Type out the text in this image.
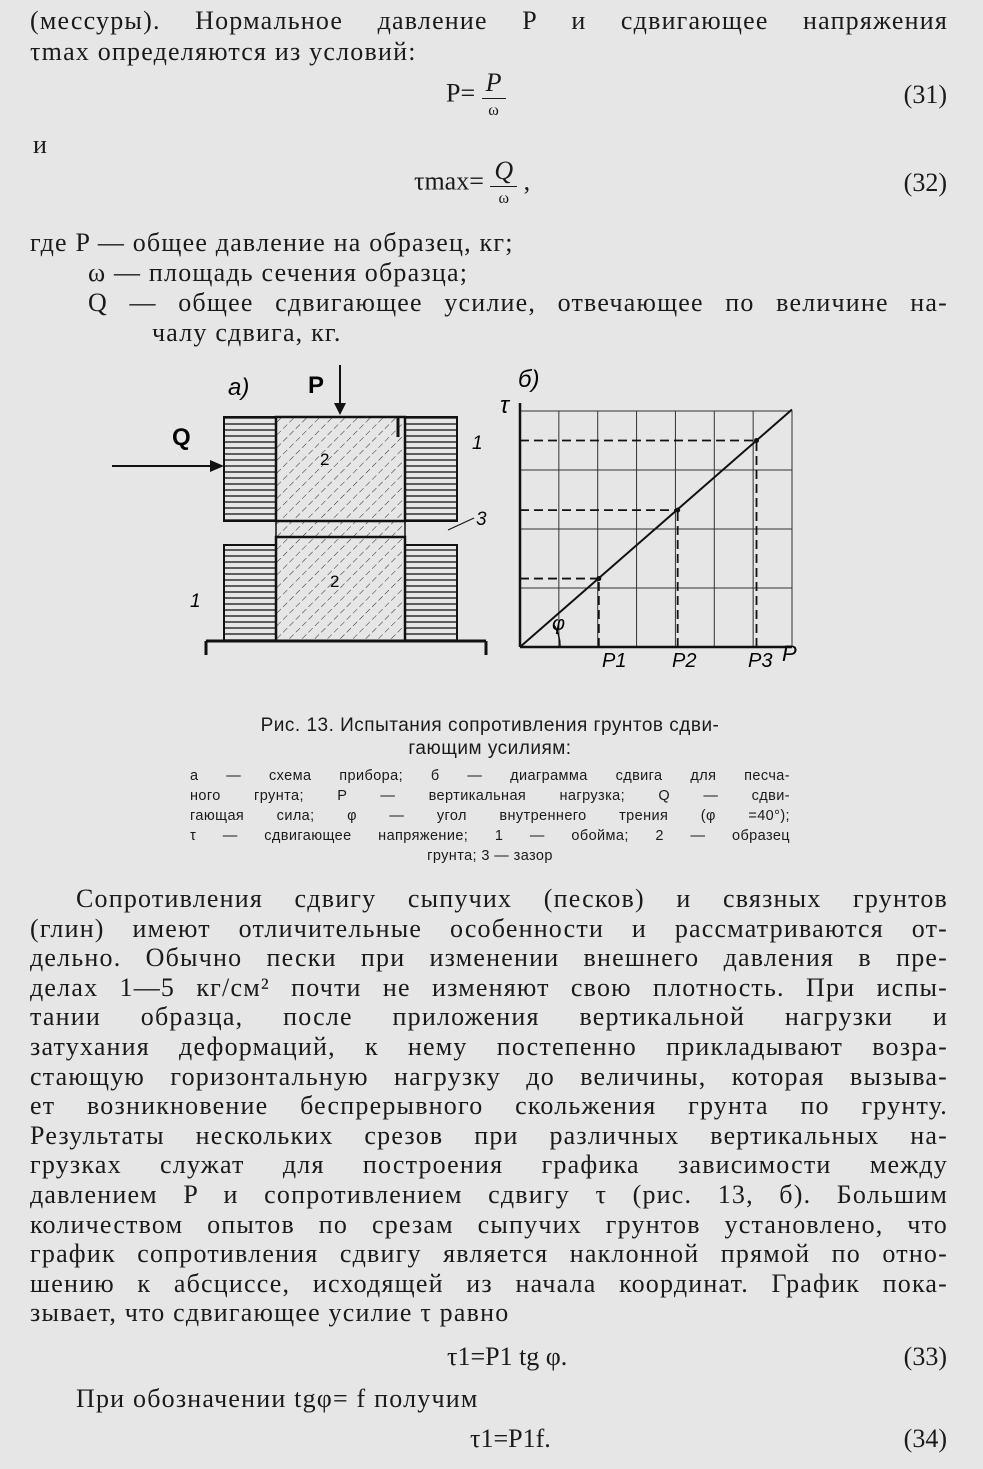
(мессуры). Нормальное давление P и сдвигающее напряжения
τmax определяются из условий:
$P= \frac{P}{\omega}$	(31)
и
$\tau\max= \frac{Q}{\omega}$ ,	(32)
где P — общее давление на образец, кг;
ω — площадь сечения образца;
Q — общее сдвигающее усилие, отвечающее по величине на-
чалу сдвига, кг.
а) P
Q
2
2
1
1
3
б)
τ
φ
P1 P2	P3 P
Рис. 13. Испытания сопротивления грунтов сдви-
гающим усилиям:
а — схема прибора; б — диаграмма сдвига для песча-
ного грунта; P — вертикальная нагрузка; Q — сдви-
гающая сила; φ — угол внутреннего трения (φ =40°);
τ — сдвигающее напряжение; 1 — обойма; 2 — образец
грунта; 3 — зазор
Сопротивления сдвигу сыпучих (песков) и связных грунтов
(глин) имеют отличительные особенности и рассматриваются от-
дельно. Обычно пески при изменении внешнего давления в пре-
делах 1—5 кг/см² почти не изменяют свою плотность. При испы-
тании образца, после приложения вертикальной нагрузки и
затухания деформаций, к нему постепенно прикладывают возра-
стающую горизонтальную нагрузку до величины, которая вызыва-
ет возникновение беспрерывного скольжения грунта по грунту.
Результаты нескольких срезов при различных вертикальных на-
грузках служат для построения графика зависимости между
давлением P и сопротивлением сдвигу τ (рис. 13, б). Большим
количеством опытов по срезам сыпучих грунтов установлено, что
график сопротивления сдвигу является наклонной прямой по отно-
шению к абсциссе, исходящей из начала координат. График пока-
зывает, что сдвигающее усилие τ равно
τ1=P1 tg φ.	(33)
При обозначении tgφ= f получим
τ1=P1f.	(34)
